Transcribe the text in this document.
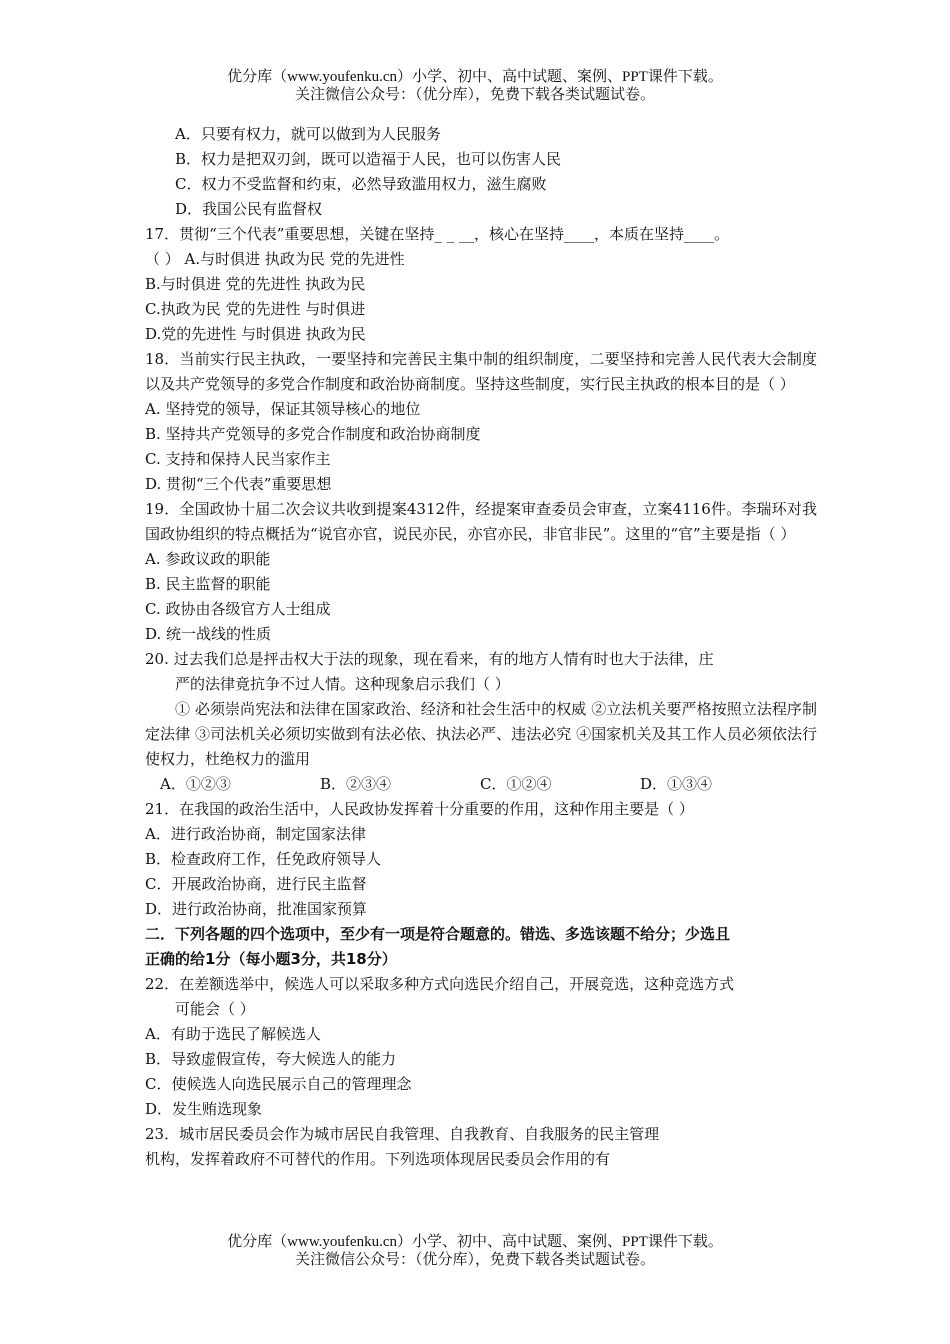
优分库（www.youfenku.cn）小学、初中、高中试题、案例、PPT课件下载。
关注微信公众号：（优分库），免费下载各类试题试卷。
A．只要有权力，就可以做到为人民服务
B．权力是把双刃剑，既可以造福于人民，也可以伤害人民
C．权力不受监督和约束，必然导致滥用权力，滋生腐败
D．我国公民有监督权
17．贯彻“三个代表”重要思想，关键在坚持_ _ __，核心在坚持____，本质在坚持____。
（ ） A.与时俱进 执政为民 党的先进性
B.与时俱进 党的先进性 执政为民
C.执政为民 党的先进性 与时俱进
D.党的先进性 与时俱进 执政为民
18．当前实行民主执政，一要坚持和完善民主集中制的组织制度，二要坚持和完善人民代表大会制度以及共产党领导的多党合作制度和政治协商制度。坚持这些制度，实行民主执政的根本目的是（ ）
A. 坚持党的领导，保证其领导核心的地位
B. 坚持共产党领导的多党合作制度和政治协商制度
C. 支持和保持人民当家作主
D. 贯彻“三个代表”重要思想
19．全国政协十届二次会议共收到提案4312件，经提案审查委员会审查，立案4116件。李瑞环对我国政协组织的特点概括为“说官亦官，说民亦民，亦官亦民，非官非民”。这里的“官”主要是指（ ）
A. 参政议政的职能
B. 民主监督的职能
C. 政协由各级官方人士组成
D. 统一战线的性质
20. 过去我们总是抨击权大于法的现象，现在看来，有的地方人情有时也大于法律，庄
严的法律竟抗争不过人情。这种现象启示我们（ ）
① 必须崇尚宪法和法律在国家政治、经济和社会生活中的权威 ②立法机关要严格按照立法程序制定法律 ③司法机关必须切实做到有法必依、执法必严、违法必究 ④国家机关及其工作人员必须依法行使权力，杜绝权力的滥用
A．①②③	B．②③④	C．①②④	D．①③④
21．在我国的政治生活中，人民政协发挥着十分重要的作用，这种作用主要是（ ）
A．进行政治协商，制定国家法律
B．检查政府工作，任免政府领导人
C．开展政治协商，进行民主监督
D．进行政治协商，批准国家预算
二．下列各题的四个选项中，至少有一项是符合题意的。错选、多选该题不给分；少选且
正确的给1分（每小题3分，共18分）
22．在差额选举中，候选人可以采取多种方式向选民介绍自己，开展竞选，这种竞选方式
可能会（ ）
A．有助于选民了解候选人
B．导致虚假宣传，夸大候选人的能力
C．使候选人向选民展示自己的管理理念
D．发生贿选现象
23．城市居民委员会作为城市居民自我管理、自我教育、自我服务的民主管理
机构，发挥着政府不可替代的作用。下列选项体现居民委员会作用的有
优分库（www.youfenku.cn）小学、初中、高中试题、案例、PPT课件下载。
关注微信公众号：（优分库），免费下载各类试题试卷。
